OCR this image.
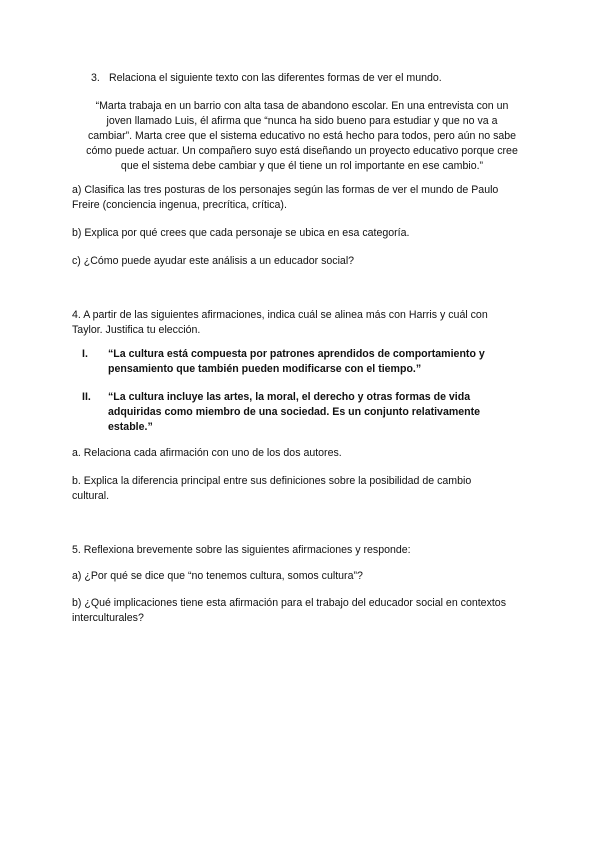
3. Relaciona el siguiente texto con las diferentes formas de ver el mundo.
“Marta trabaja en un barrio con alta tasa de abandono escolar. En una entrevista con un
joven llamado Luis, él afirma que “nunca ha sido bueno para estudiar y que no va a
cambiar”. Marta cree que el sistema educativo no está hecho para todos, pero aún no sabe
cómo puede actuar. Un compañero suyo está diseñando un proyecto educativo porque cree
que el sistema debe cambiar y que él tiene un rol importante en ese cambio.”
a) Clasifica las tres posturas de los personajes según las formas de ver el mundo de Paulo
Freire (conciencia ingenua, precrítica, crítica).
b) Explica por qué crees que cada personaje se ubica en esa categoría.
c) ¿Cómo puede ayudar este análisis a un educador social?
4. A partir de las siguientes afirmaciones, indica cuál se alinea más con Harris y cuál con
Taylor. Justifica tu elección.
I.	“La cultura está compuesta por patrones aprendidos de comportamiento y
pensamiento que también pueden modificarse con el tiempo.”
II.	“La cultura incluye las artes, la moral, el derecho y otras formas de vida
adquiridas como miembro de una sociedad. Es un conjunto relativamente
estable.”
a. Relaciona cada afirmación con uno de los dos autores.
b. Explica la diferencia principal entre sus definiciones sobre la posibilidad de cambio
cultural.
5. Reflexiona brevemente sobre las siguientes afirmaciones y responde:
a) ¿Por qué se dice que “no tenemos cultura, somos cultura”?
b) ¿Qué implicaciones tiene esta afirmación para el trabajo del educador social en contextos
interculturales?
